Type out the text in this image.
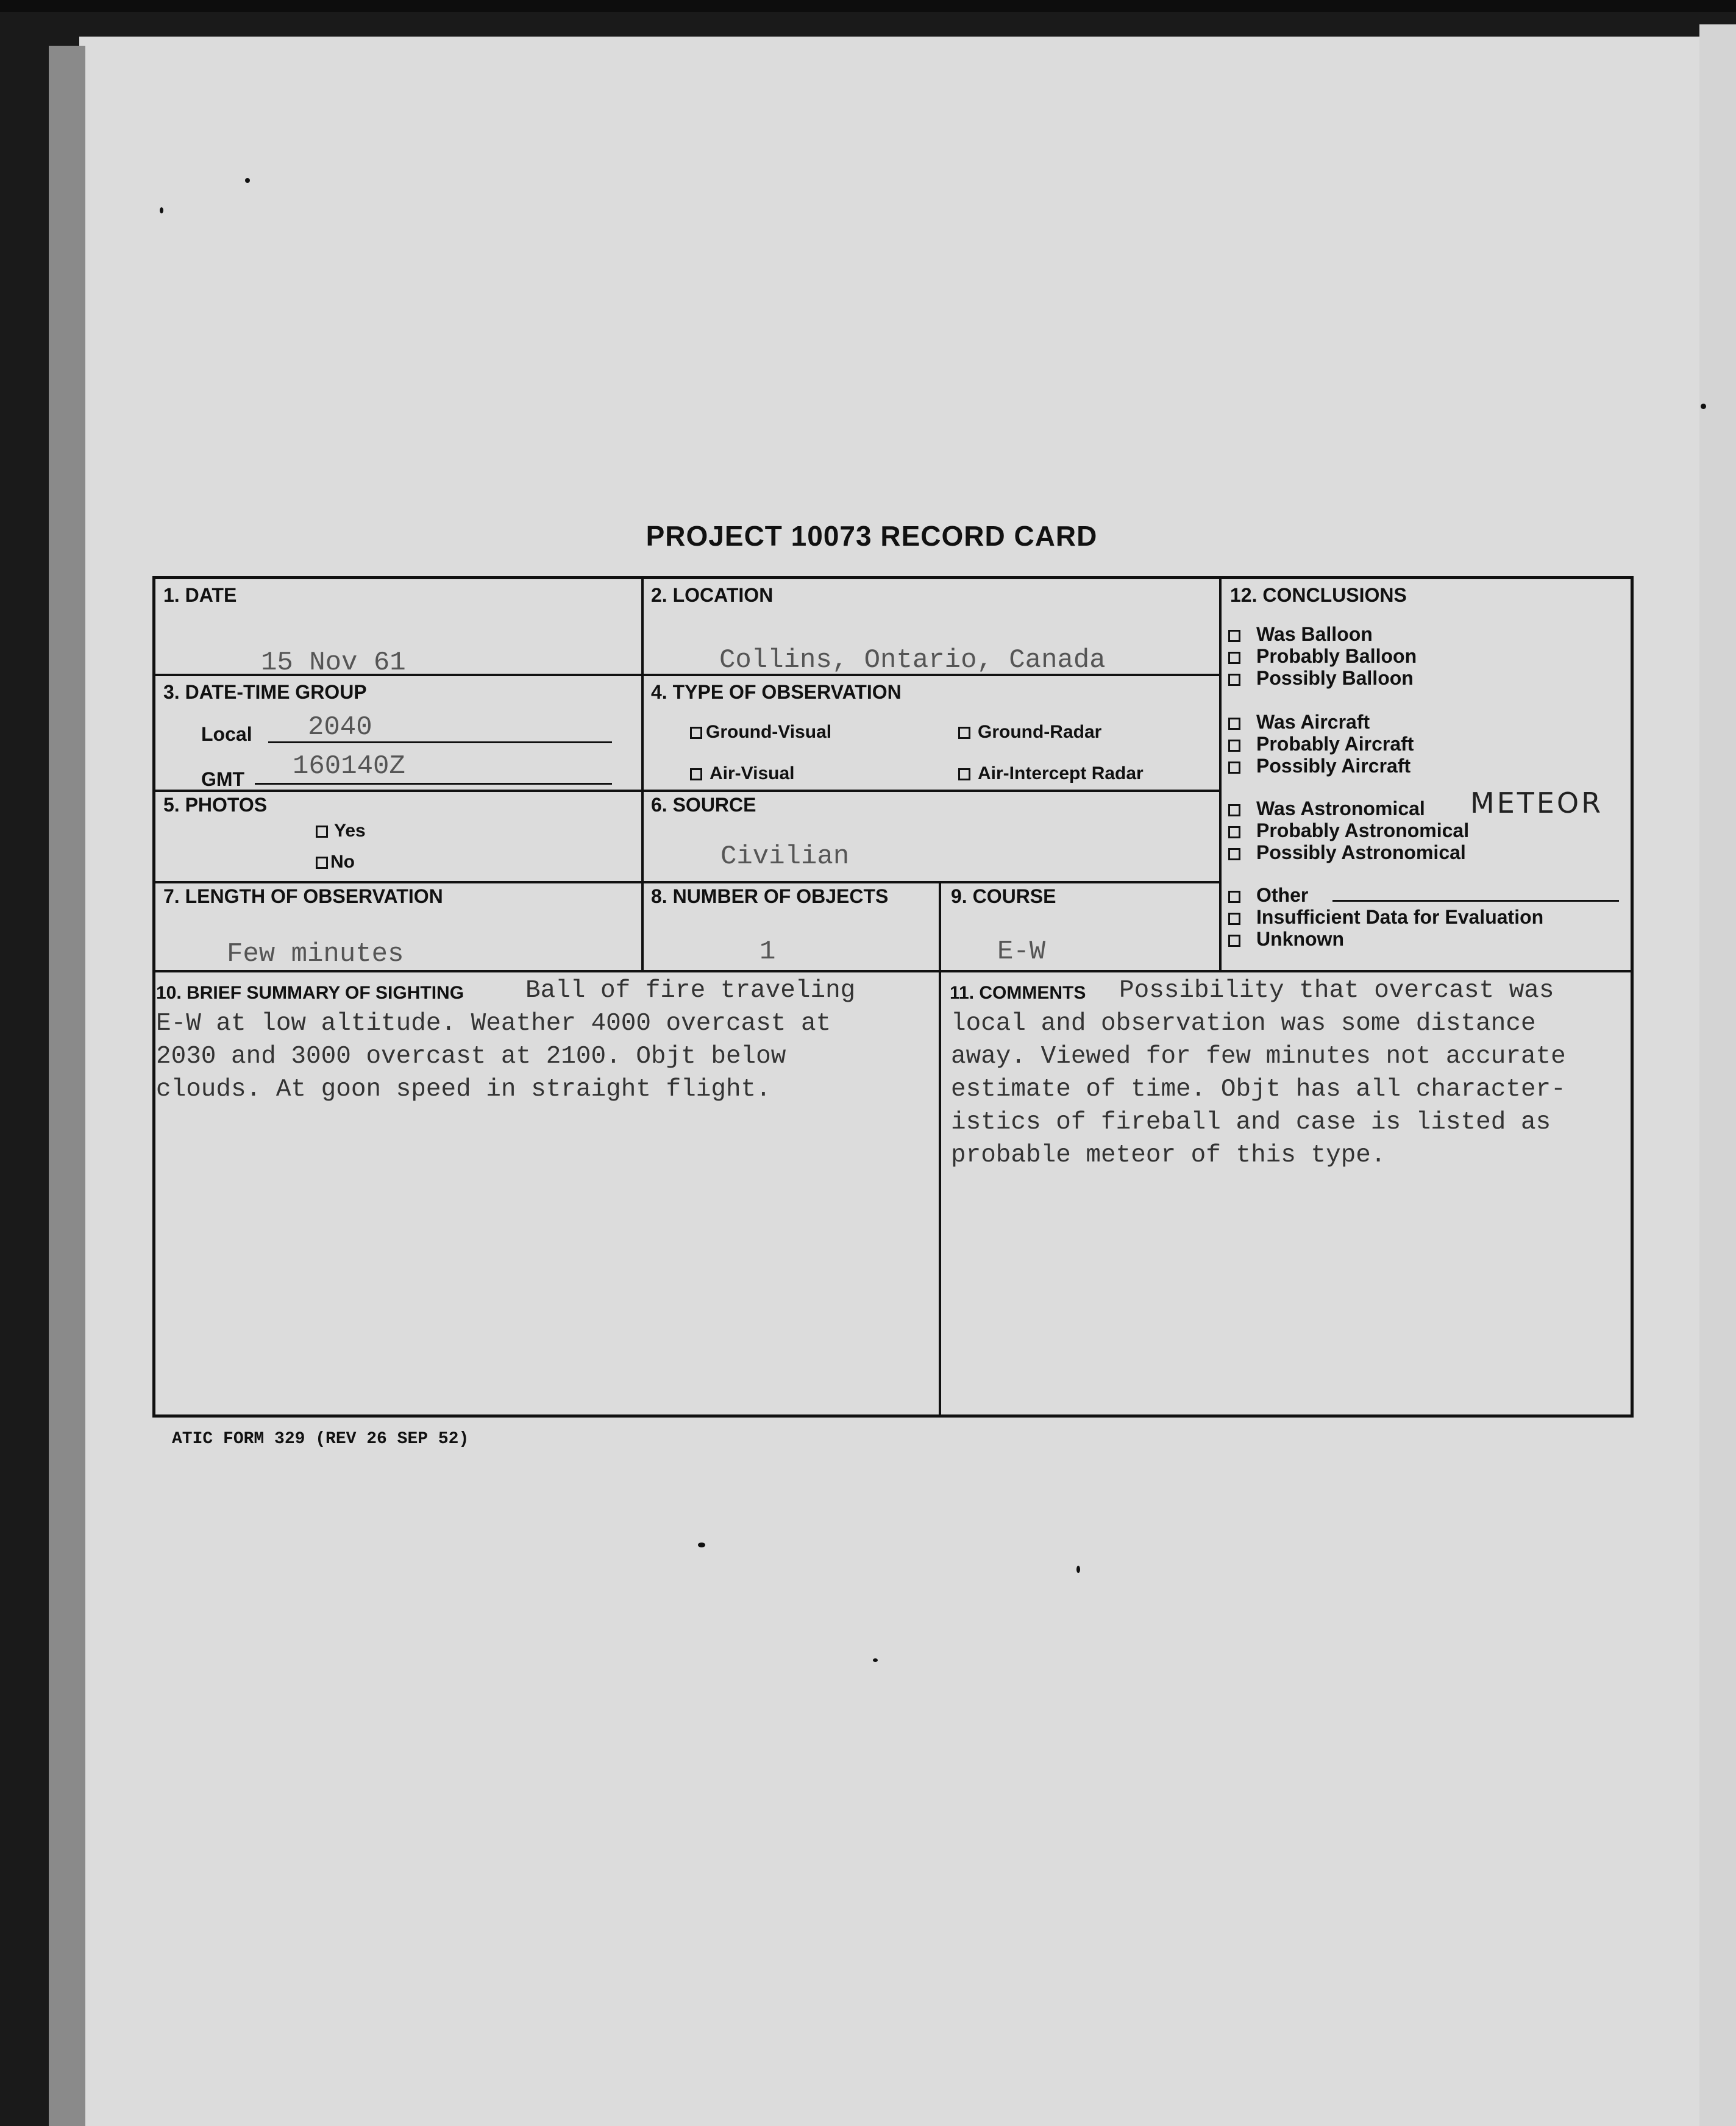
PROJECT 10073 RECORD CARD
1. DATE
15 Nov 61
2. LOCATION
Collins, Ontario, Canada
3. DATE-TIME GROUP
Local 2040
GMT 160140Z
4. TYPE OF OBSERVATION
Ground-Visual	Ground-Radar
Air-Visual	Air-Intercept Radar
5. PHOTOS
Yes
No
6. SOURCE
Civilian
7. LENGTH OF OBSERVATION
Few minutes
8. NUMBER OF OBJECTS
1
9. COURSE
E-W
10. BRIEF SUMMARY OF SIGHTING Ball of fire traveling
E-W at low altitude. Weather 4000 overcast at
2030 and 3000 overcast at 2100. Objt below
clouds. At goon speed in straight flight.
11. COMMENTS Possibility that overcast was
local and observation was some distance
away. Viewed for few minutes not accurate
estimate of time. Objt has all character-
istics of fireball and case is listed as
probable meteor of this type.
12. CONCLUSIONS
Was Balloon
Probably Balloon
Possibly Balloon
Was Aircraft
Probably Aircraft
Possibly Aircraft
Was Astronomical METEOR
Probably Astronomical
Possibly Astronomical
Other
Insufficient Data for Evaluation
Unknown
ATIC FORM 329 (REV 26 SEP 52)
